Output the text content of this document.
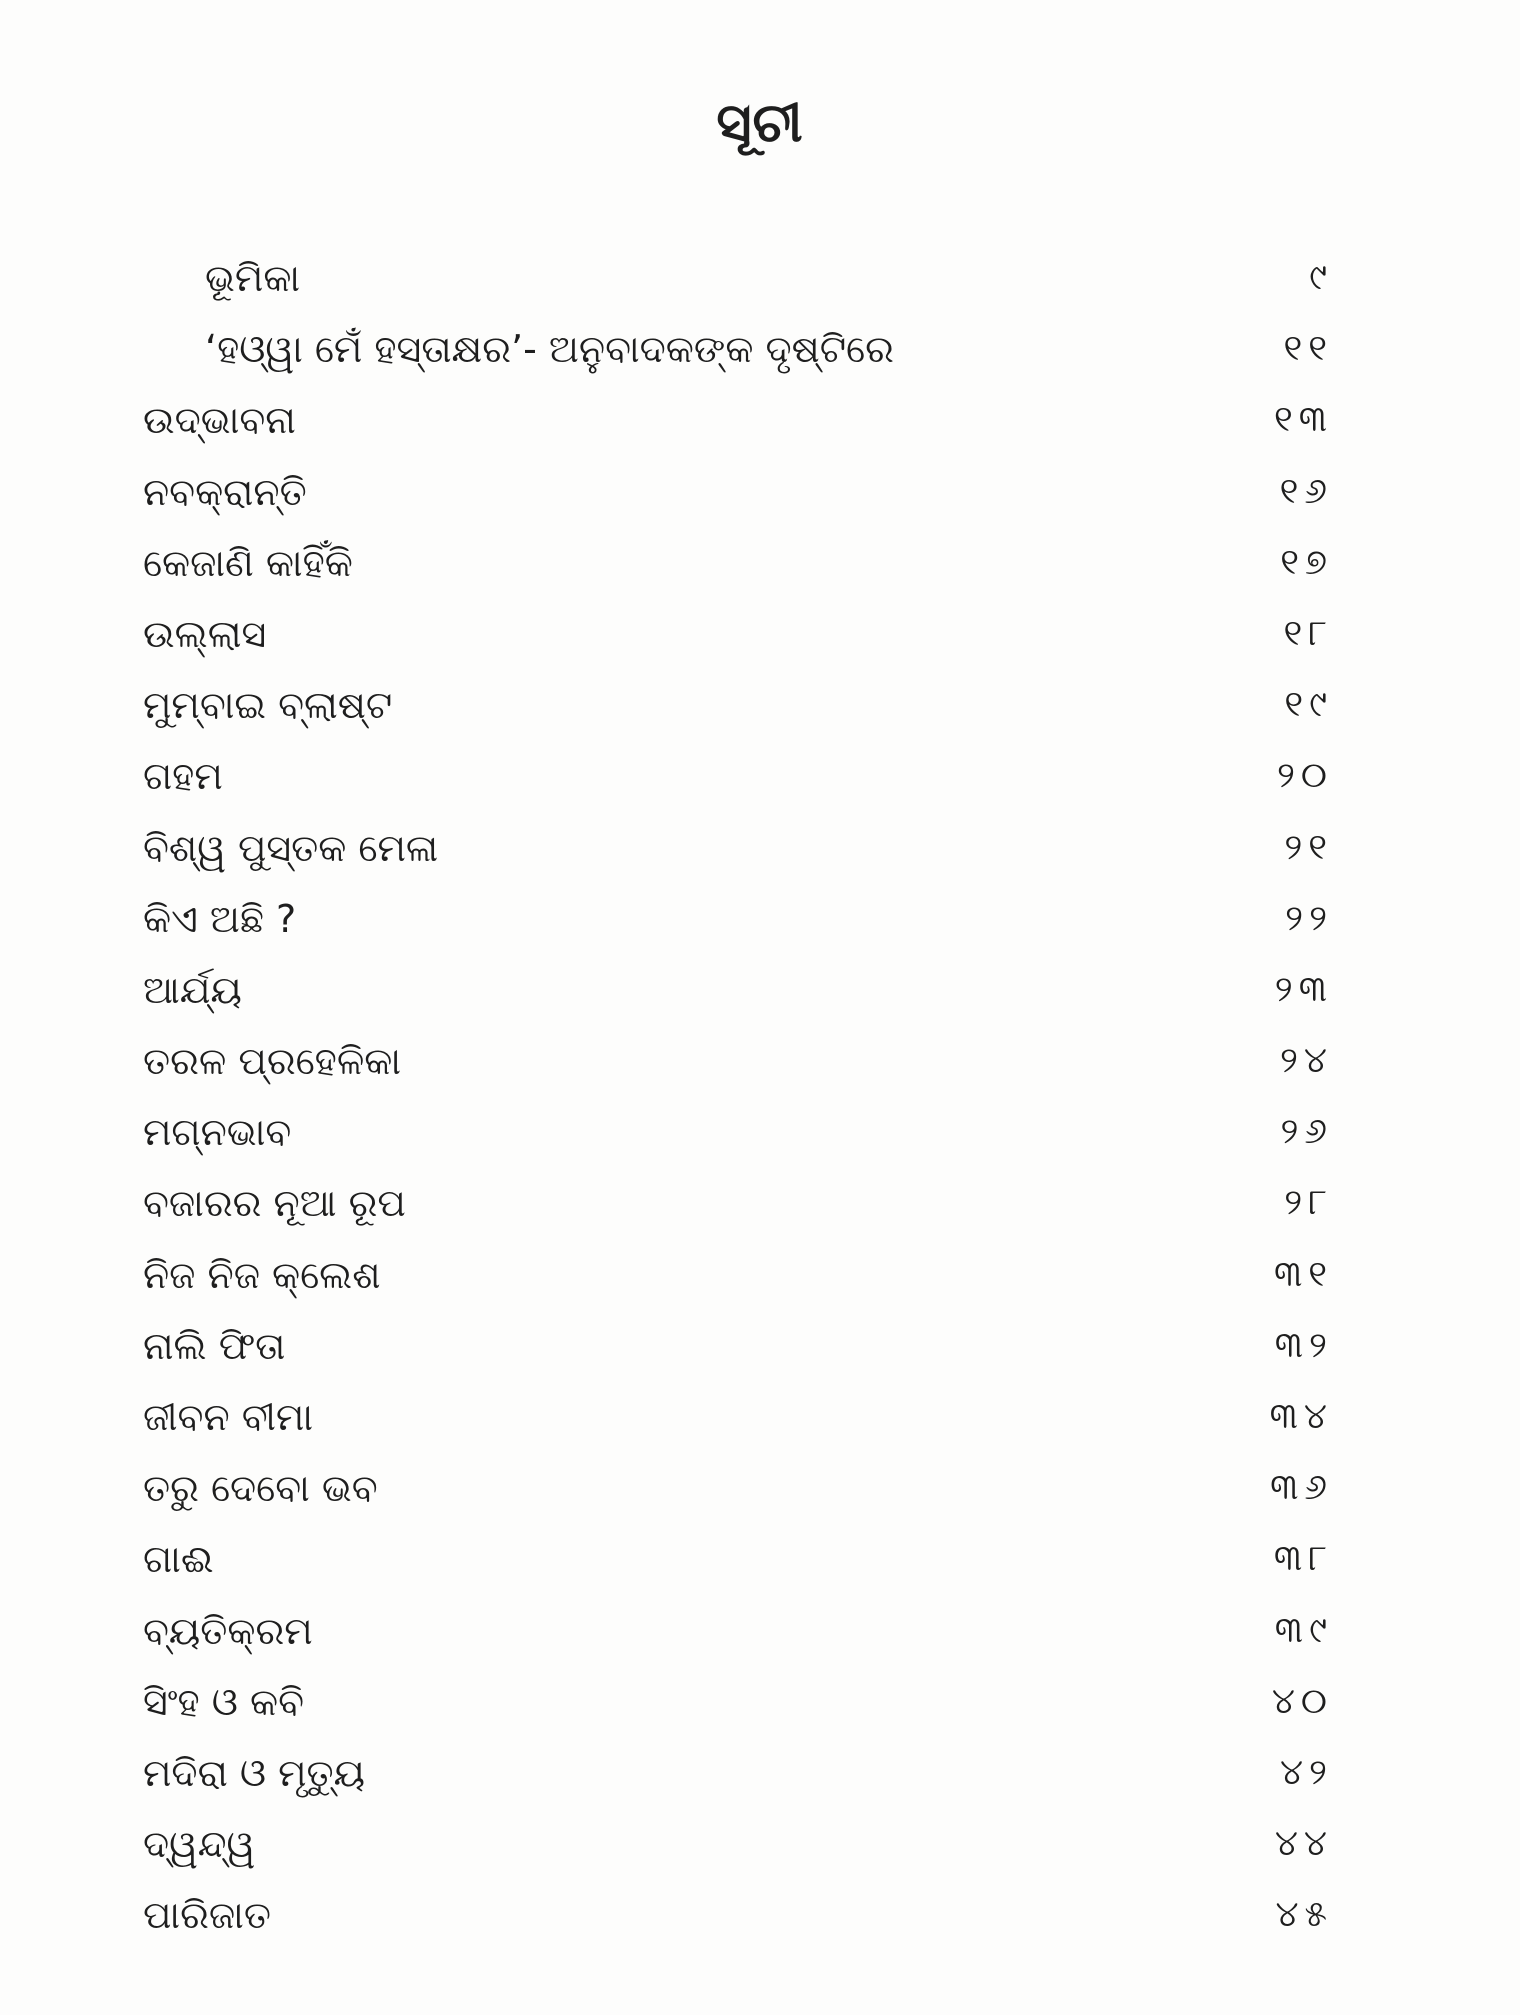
ସୂଚୀ
ଭୂମିକା	୯
‘ହଓ୍ୱା ମେଁ ହସ୍ତାକ୍ଷର’- ଅନୁବାଦକଙ୍କ ଦୃଷ୍ଟିରେ	୧୧
ଉଦ୍‌ଭାବନା	୧୩
ନବକ୍ରାନ୍ତି	୧୬
କେଜାଣି କାହିଁକି	୧୭
ଉଲ୍ଲାସ	୧୮
ମୁମ୍ବାଇ ବ୍ଲାଷ୍ଟ	୧୯
ଗହମ	୨୦
ବିଶ୍ୱ ପୁସ୍ତକ ମେଳା	୨୧
କିଏ ଅଛି ?	୨୨
ଆର୍ଯ୍ୟ	୨୩
ତରଳ ପ୍ରହେଳିକା	୨୪
ମଗ୍ନଭାବ	୨୬
ବଜାରର ନୂଆ ରୂପ	୨୮
ନିଜ ନିଜ କ୍ଲେଶ	୩୧
ନାଲି ଫିତା	୩୨
ଜୀବନ ବୀମା	୩୪
ତରୁ ଦେବୋ ଭବ	୩୬
ଗାଈ	୩୮
ବ୍ୟତିକ୍ରମ	୩୯
ସିଂହ ଓ କବି	୪୦
ମଦିରା ଓ ମୃତ୍ୟୁ	୪୨
ଦ୍ୱନ୍ଦ୍ୱ	୪୪
ପାରିଜାତ	୪୫
